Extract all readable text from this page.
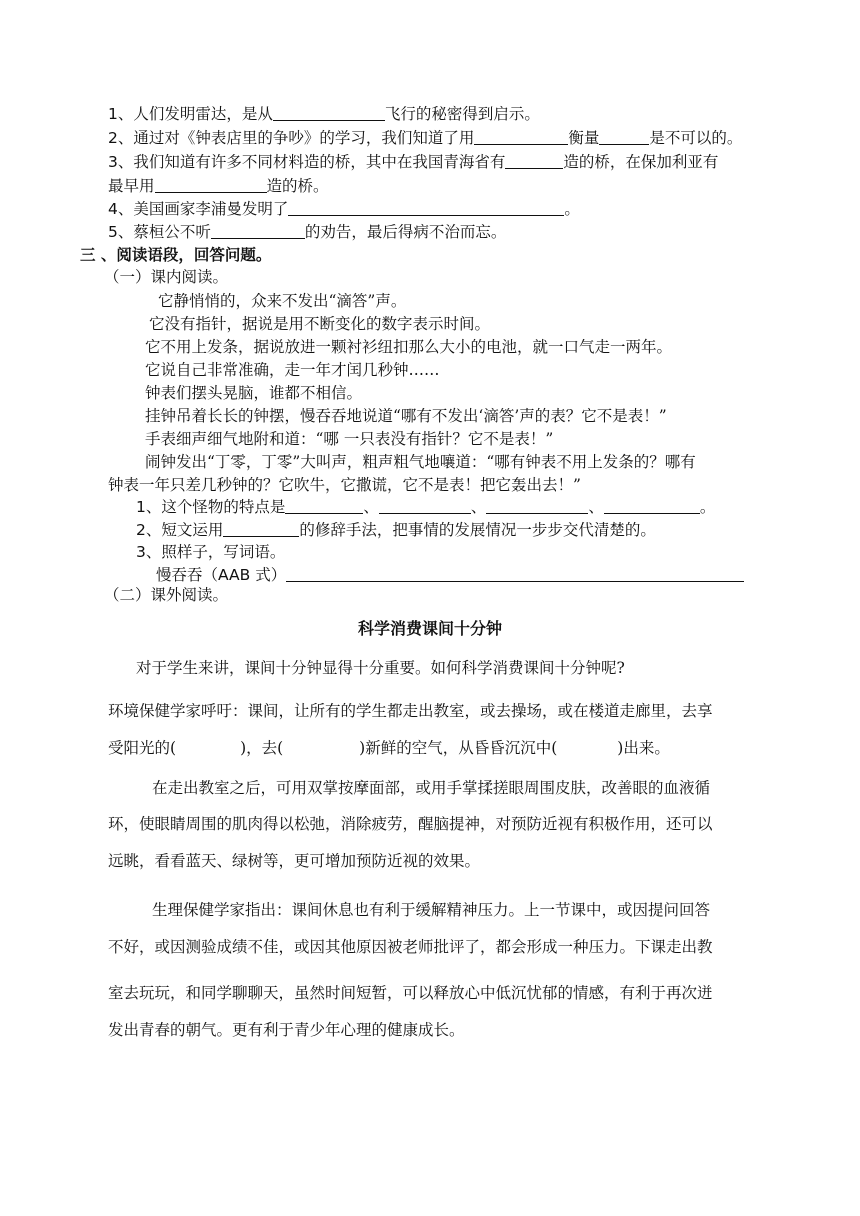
1、人们发明雷达，是从	飞行的秘密得到启示。
2、通过对《钟表店里的争吵》的学习，我们知道了用	衡量	是不可以的。
3、我们知道有许多不同材料造的桥，其中在我国青海省有	造的桥，在保加利亚有
最早用	造的桥。
4、美国画家李浦曼发明了	。
5、蔡桓公不听	的劝告，最后得病不治而忘。
三 、阅读语段，回答问题。
（一）课内阅读。
它静悄悄的，众来不发出“滴答”声。
它没有指针，据说是用不断变化的数字表示时间。
它不用上发条，据说放进一颗衬衫纽扣那么大小的电池，就一口气走一两年。
它说自己非常准确，走一年才闰几秒钟……
钟表们摆头晃脑，谁都不相信。
挂钟吊着长长的钟摆，慢吞吞地说道“哪有不发出‘滴答’声的表？它不是表！”
手表细声细气地附和道：“哪 一只表没有指针？它不是表！”
闹钟发出“丁零，丁零”大叫声，粗声粗气地嚷道：“哪有钟表不用上发条的？哪有
钟表一年只差几秒钟的？它吹牛，它撒谎，它不是表！把它轰出去！”
1、这个怪物的特点是	、	、	、	。
2、短文运用	的修辞手法，把事情的发展情况一步步交代清楚的。
3、照样子，写词语。
慢吞吞（AAB 式）
（二）课外阅读。
科学消费课间十分钟
对于学生来讲，课间十分钟显得十分重要。如何科学消费课间十分钟呢?
环境保健学家呼吁：课间，让所有的学生都走出教室，或去操场，或在楼道走廊里，去享
受阳光的(	)，去(	)新鲜的空气，从昏昏沉沉中(	)出来。
在走出教室之后，可用双掌按摩面部，或用手掌揉搓眼周围皮肤，改善眼的血液循
环，使眼睛周围的肌肉得以松弛，消除疲劳，醒脑提神，对预防近视有积极作用，还可以
远眺，看看蓝天、绿树等，更可增加预防近视的效果。
生理保健学家指出：课间休息也有利于缓解精神压力。上一节课中，或因提问回答
不好，或因测验成绩不佳，或因其他原因被老师批评了，都会形成一种压力。下课走出教
室去玩玩，和同学聊聊天，虽然时间短暂，可以释放心中低沉忧郁的情感，有利于再次迸
发出青春的朝气。更有利于青少年心理的健康成长。
